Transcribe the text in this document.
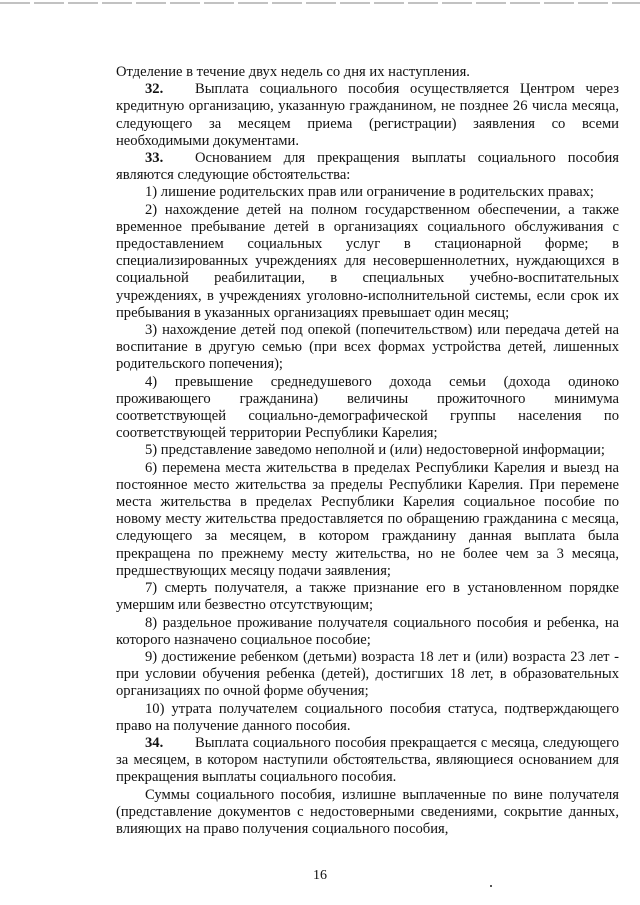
Отделение в течение двух недель со дня их наступления.

32. Выплата социального пособия осуществляется Центром через кредитную организацию, указанную гражданином, не позднее 26 числа месяца, следующего за месяцем приема (регистрации) заявления со всеми необходимыми документами.

33. Основанием для прекращения выплаты социального пособия являются следующие обстоятельства:

1) лишение родительских прав или ограничение в родительских правах;

2) нахождение детей на полном государственном обеспечении, а также временное пребывание детей в организациях социального обслуживания с предоставлением социальных услуг в стационарной форме; в специализированных учреждениях для несовершеннолетних, нуждающихся в социальной реабилитации, в специальных учебно-воспитательных учреждениях, в учреждениях уголовно-исполнительной системы, если срок их пребывания в указанных организациях превышает один месяц;

3) нахождение детей под опекой (попечительством) или передача детей на воспитание в другую семью (при всех формах устройства детей, лишенных родительского попечения);

4) превышение среднедушевого дохода семьи (дохода одиноко проживающего гражданина) величины прожиточного минимума соответствующей социально-демографической группы населения по соответствующей территории Республики Карелия;

5) представление заведомо неполной и (или) недостоверной информации;

6) перемена места жительства в пределах Республики Карелия и выезд на постоянное место жительства за пределы Республики Карелия. При перемене места жительства в пределах Республики Карелия социальное пособие по новому месту жительства предоставляется по обращению гражданина с месяца, следующего за месяцем, в котором гражданину данная выплата была прекращена по прежнему месту жительства, но не более чем за 3 месяца, предшествующих месяцу подачи заявления;

7) смерть получателя, а также признание его в установленном порядке умершим или безвестно отсутствующим;

8) раздельное проживание получателя социального пособия и ребенка, на которого назначено социальное пособие;

9) достижение ребенком (детьми) возраста 18 лет и (или) возраста 23 лет - при условии обучения ребенка (детей), достигших 18 лет, в образовательных организациях по очной форме обучения;

10) утрата получателем социального пособия статуса, подтверждающего право на получение данного пособия.

34. Выплата социального пособия прекращается с месяца, следующего за месяцем, в котором наступили обстоятельства, являющиеся основанием для прекращения выплаты социального пособия.

Суммы социального пособия, излишне выплаченные по вине получателя (представление документов с недостоверными сведениями, сокрытие данных, влияющих на право получения социального пособия,

16
